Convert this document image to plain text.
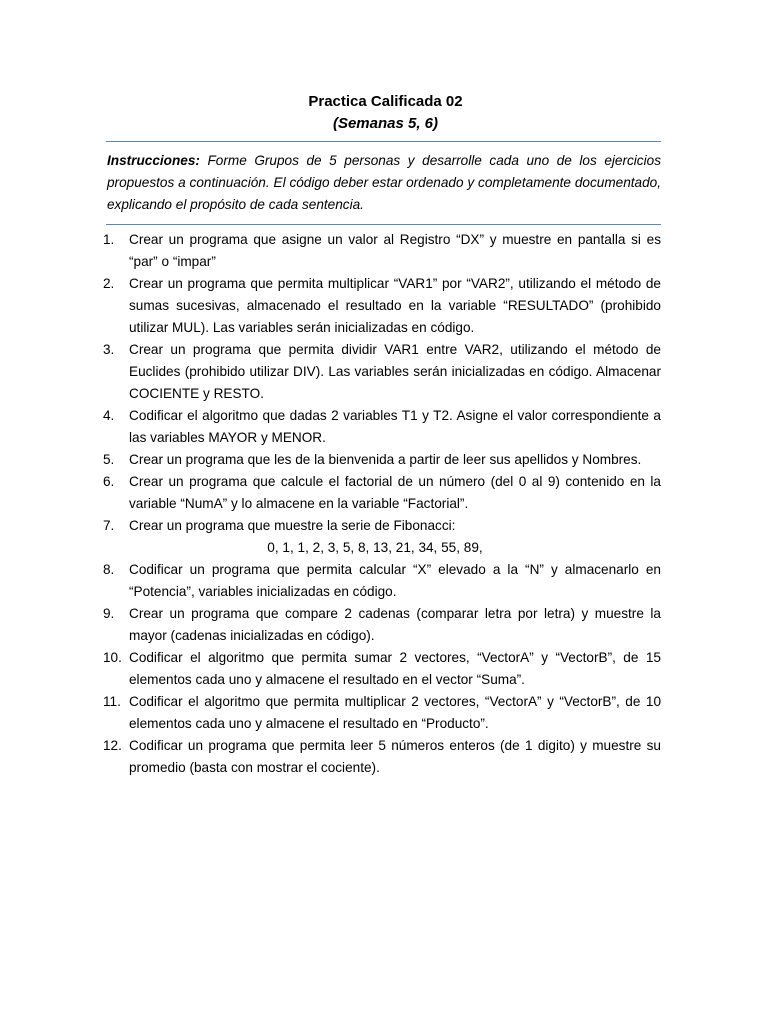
Practica Calificada 02
(Semanas 5, 6)
Instrucciones: Forme Grupos de 5 personas y desarrolle cada uno de los ejercicios propuestos a continuación. El código deber estar ordenado y completamente documentado, explicando el propósito de cada sentencia.
1. Crear un programa que asigne un valor al Registro “DX” y muestre en pantalla si es “par” o “impar”
2. Crear un programa que permita multiplicar “VAR1” por “VAR2”, utilizando el método de sumas sucesivas, almacenado el resultado en la variable “RESULTADO” (prohibido utilizar MUL). Las variables serán inicializadas en código.
3. Crear un programa que permita dividir VAR1 entre VAR2, utilizando el método de Euclides (prohibido utilizar DIV). Las variables serán inicializadas en código. Almacenar COCIENTE y RESTO.
4. Codificar el algoritmo que dadas 2 variables T1 y T2. Asigne el valor correspondiente a las variables MAYOR y MENOR.
5. Crear un programa que les de la bienvenida a partir de leer sus apellidos y Nombres.
6. Crear un programa que calcule el factorial de un número (del 0 al 9) contenido en la variable “NumA” y lo almacene en la variable “Factorial”.
7. Crear un programa que muestre la serie de Fibonacci:
0, 1, 1, 2, 3, 5, 8, 13, 21, 34, 55, 89,
8. Codificar un programa que permita calcular “X” elevado a la “N” y almacenarlo en “Potencia”, variables inicializadas en código.
9. Crear un programa que compare 2 cadenas (comparar letra por letra) y muestre la mayor (cadenas inicializadas en código).
10. Codificar el algoritmo que permita sumar 2 vectores, “VectorA” y “VectorB”, de 15 elementos cada uno y almacene el resultado en el vector “Suma”.
11. Codificar el algoritmo que permita multiplicar 2 vectores, “VectorA” y “VectorB”, de 10 elementos cada uno y almacene el resultado en “Producto”.
12. Codificar un programa que permita leer 5 números enteros (de 1 digito) y muestre su promedio (basta con mostrar el cociente).
